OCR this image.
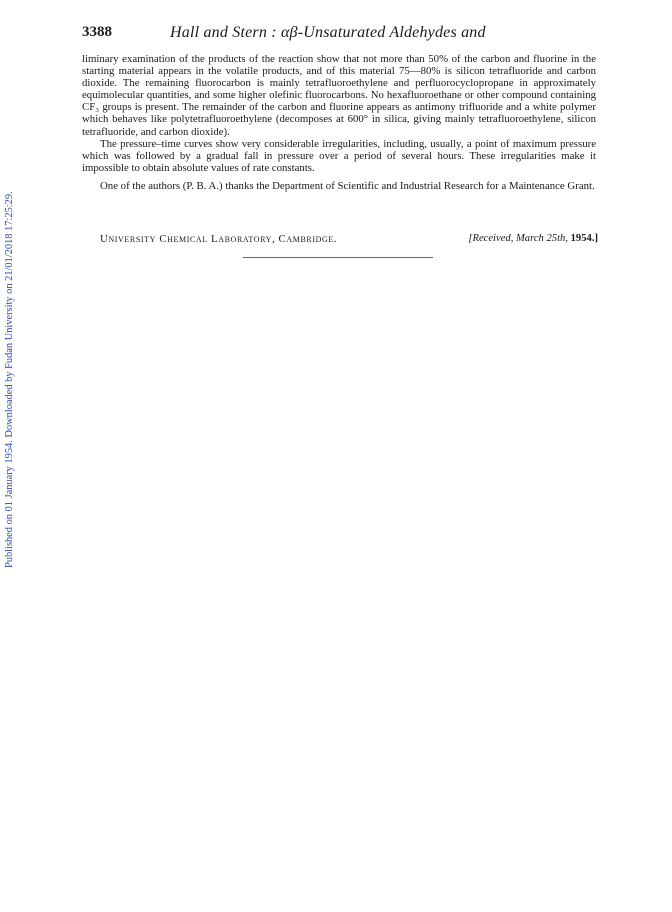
Published on 01 January 1954. Downloaded by Fudan University on 21/01/2018 17:25:29.
3388	Hall and Stern : αβ-Unsaturated Aldehydes and

liminary examination of the products of the reaction show that not more than 50% of the carbon and fluorine in the starting material appears in the volatile products, and of this material 75—80% is silicon tetrafluoride and carbon dioxide. The remaining fluorocarbon is mainly tetrafluoroethylene and perfluorocyclopropane in approximately equimolecular quantities, and some higher olefinic fluorocarbons. No hexafluoroethane or other compound containing CF₃ groups is present. The remainder of the carbon and fluorine appears as antimony trifluoride and a white polymer which behaves like polytetrafluoroethylene (decomposes at 600° in silica, giving mainly tetrafluoroethylene, silicon tetrafluoride, and carbon dioxide).

The pressure–time curves show very considerable irregularities, including, usually, a point of maximum pressure which was followed by a gradual fall in pressure over a period of several hours. These irregularities make it impossible to obtain absolute values of rate constants.

One of the authors (P. B. A.) thanks the Department of Scientific and Industrial Research for a Maintenance Grant.

University Chemical Laboratory, Cambridge.	[Received, March 25th, 1954.]
